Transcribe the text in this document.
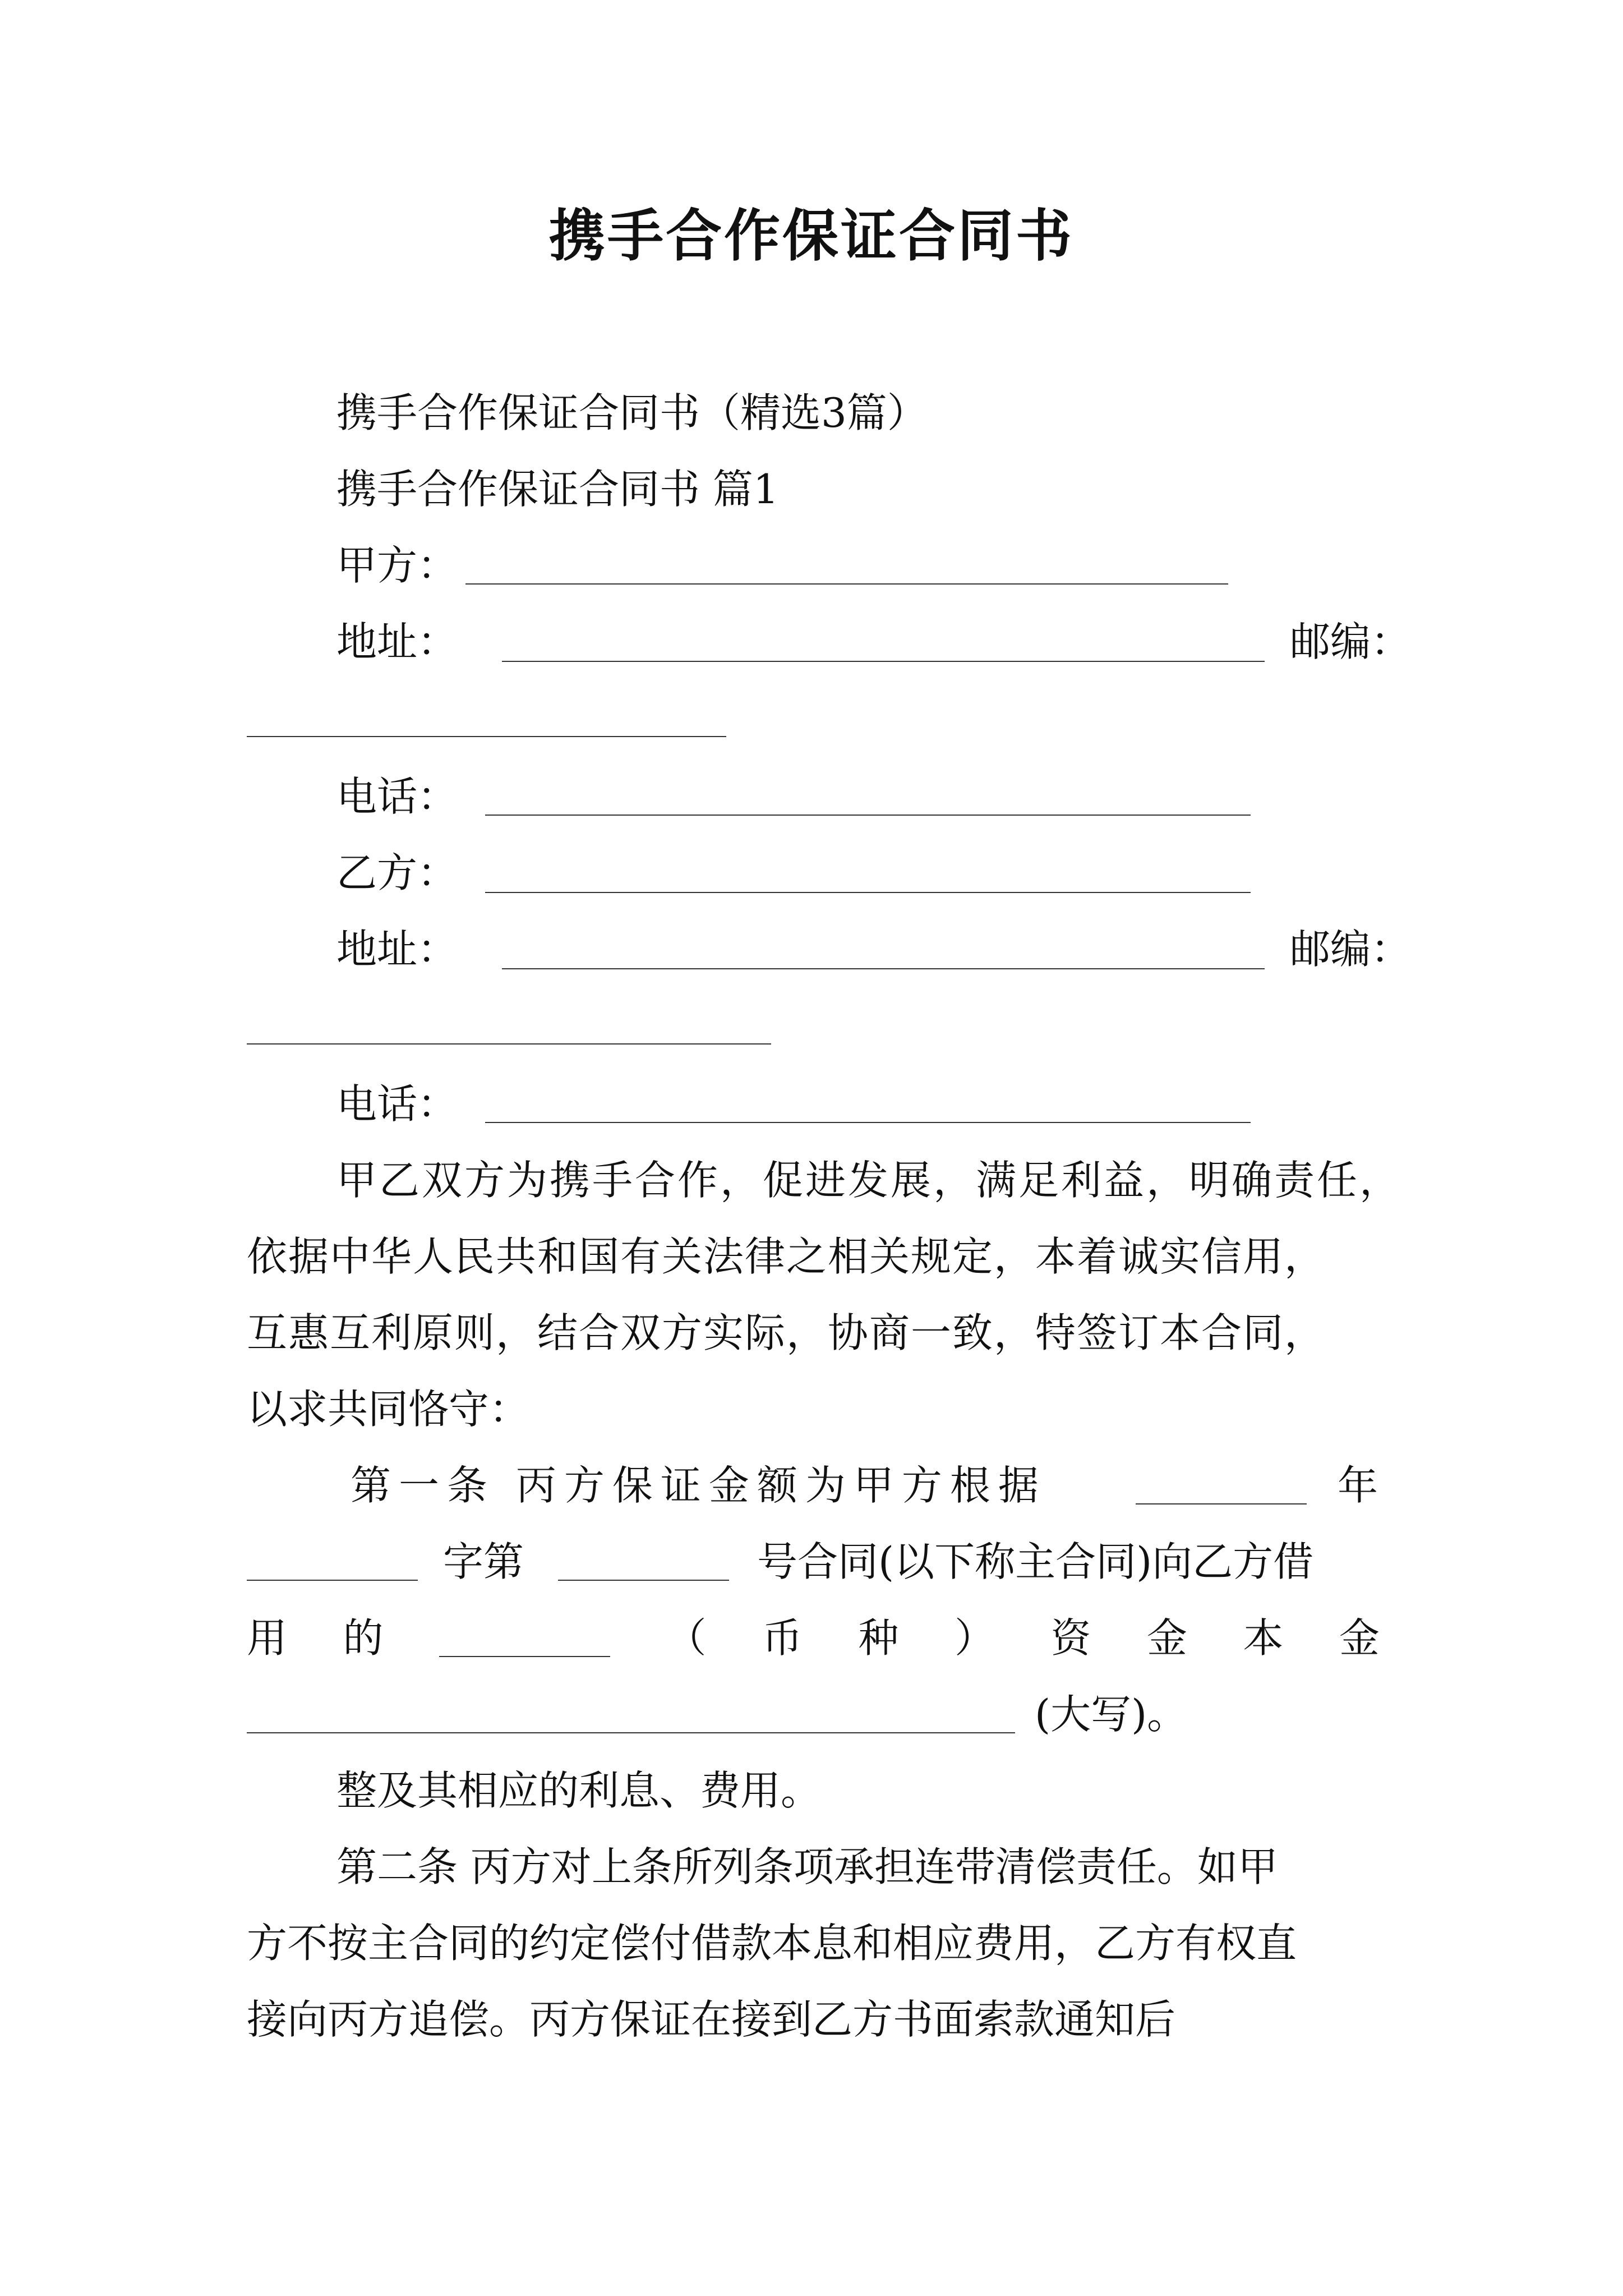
携手合作保证合同书
携手合作保证合同书（精选3篇）
携手合作保证合同书 篇1
甲方：
地址：	邮编：
电话：
乙方：
地址：	邮编：
电话：
甲乙双方为携手合作，促进发展，满足利益，明确责任，
依据中华人民共和国有关法律之相关规定，本着诚实信用，
互惠互利原则，结合双方实际，协商一致，特签订本合同，
以求共同恪守：
第一条 丙方保证金额为甲方根据	年
字第	号合同(以下称主合同)向乙方借
用 的	（ 币 种 ） 资 金 本 金
(大写)。
整及其相应的利息、费用。
第二条 丙方对上条所列条项承担连带清偿责任。如甲
方不按主合同的约定偿付借款本息和相应费用，乙方有权直
接向丙方追偿。丙方保证在接到乙方书面索款通知后
